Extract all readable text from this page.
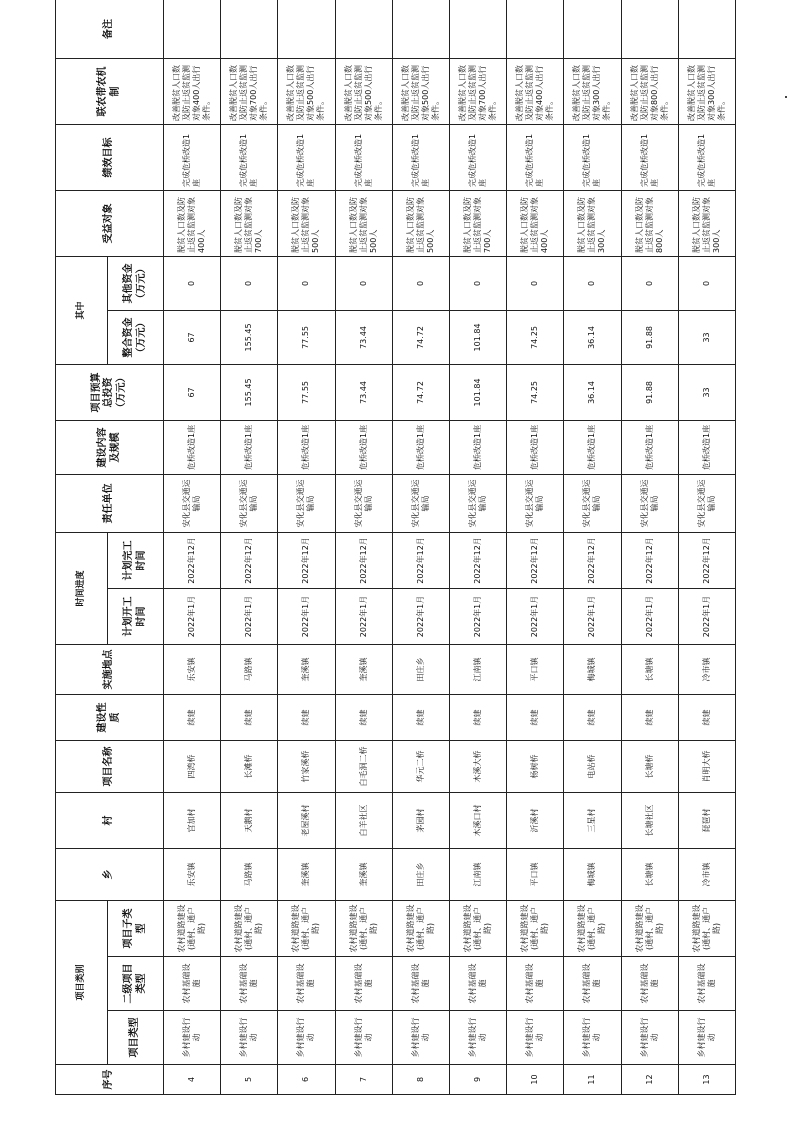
序号	项目类别			乡	村	项目名称	建设性质	实施地点	时间进度		责任单位	建设内容及规模	项目预算总投资（万元）	其中		受益对象	绩效目标	联农带农机制	备注
	项目类型	二级项目类型	项目子类型						计划开工时间	计划完工时间				整合资金（万元）	其他资金（万元）				
4	乡村建设行动	农村基础设施	农村道路建设(通村、通户路)	乐安镇	宫加村	四湾桥	续建	乐安镇	2022年1月	2022年12月	安化县交通运输局	危桥改造1座	67	67	0	脱贫人口数及防止返贫监测对象400人	完成危桥改造1座	改善脱贫人口数及防止返贫监测对象400人出行条件。	
5	乡村建设行动	农村基础设施	农村道路建设(通村、通户路)	马路镇	天鹅村	长滩桥	续建	马路镇	2022年1月	2022年12月	安化县交通运输局	危桥改造1座	155.45	155.45	0	脱贫人口数及防止返贫监测对象700人	完成危桥改造1座	改善脱贫人口数及防止返贫监测对象700人出行条件。	
6	乡村建设行动	农村基础设施	农村道路建设(通村、通户路)	奎溪镇	老屋溪村	竹家溪桥	续建	奎溪镇	2022年1月	2022年12月	安化县交通运输局	危桥改造1座	77.55	77.55	0	脱贫人口数及防止返贫监测对象500人	完成危桥改造1座	改善脱贫人口数及防止返贫监测对象500人出行条件。	
7	乡村建设行动	农村基础设施	农村道路建设(通村、通户路)	奎溪镇	白羊社区	白毛洞二桥	续建	奎溪镇	2022年1月	2022年12月	安化县交通运输局	危桥改造1座	73.44	73.44	0	脱贫人口数及防止返贫监测对象500人	完成危桥改造1座	改善脱贫人口数及防止返贫监测对象500人出行条件。	
8	乡村建设行动	农村基础设施	农村道路建设(通村、通户路)	田庄乡	茅园村	华元二桥	续建	田庄乡	2022年1月	2022年12月	安化县交通运输局	危桥改造1座	74.72	74.72	0	脱贫人口数及防止返贫监测对象500人	完成危桥改造1座	改善脱贫人口数及防止返贫监测对象500人出行条件。	
9	乡村建设行动	农村基础设施	农村道路建设(通村、通户路)	江南镇	木溪口村	木溪大桥	续建	江南镇	2022年1月	2022年12月	安化县交通运输局	危桥改造1座	101.84	101.84	0	脱贫人口数及防止返贫监测对象700人	完成危桥改造1座	改善脱贫人口数及防止返贫监测对象700人出行条件。	
10	乡村建设行动	农村基础设施	农村道路建设(通村、通户路)	平口镇	沂溪村	杨树桥	续建	平口镇	2022年1月	2022年12月	安化县交通运输局	危桥改造1座	74.25	74.25	0	脱贫人口数及防止返贫监测对象400人	完成危桥改造1座	改善脱贫人口数及防止返贫监测对象400人出行条件。	
11	乡村建设行动	农村基础设施	农村道路建设(通村、通户路)	梅城镇	三星村	电站桥	续建	梅城镇	2022年1月	2022年12月	安化县交通运输局	危桥改造1座	36.14	36.14	0	脱贫人口数及防止返贫监测对象300人	完成危桥改造1座	改善脱贫人口数及防止返贫监测对象300人出行条件。	
12	乡村建设行动	农村基础设施	农村道路建设(通村、通户路)	长塘镇	长塘社区	长塘桥	续建	长塘镇	2022年1月	2022年12月	安化县交通运输局	危桥改造1座	91.88	91.88	0	脱贫人口数及防止返贫监测对象800人	完成危桥改造1座	改善脱贫人口数及防止返贫监测对象800人出行条件。	
13	乡村建设行动	农村基础设施	农村道路建设(通村、通户路)	冷市镇	琵琶村	肖明大桥	续建	冷市镇	2022年1月	2022年12月	安化县交通运输局	危桥改造1座	33	33	0	脱贫人口数及防止返贫监测对象300人	完成危桥改造1座	改善脱贫人口数及防止返贫监测对象300人出行条件。	
